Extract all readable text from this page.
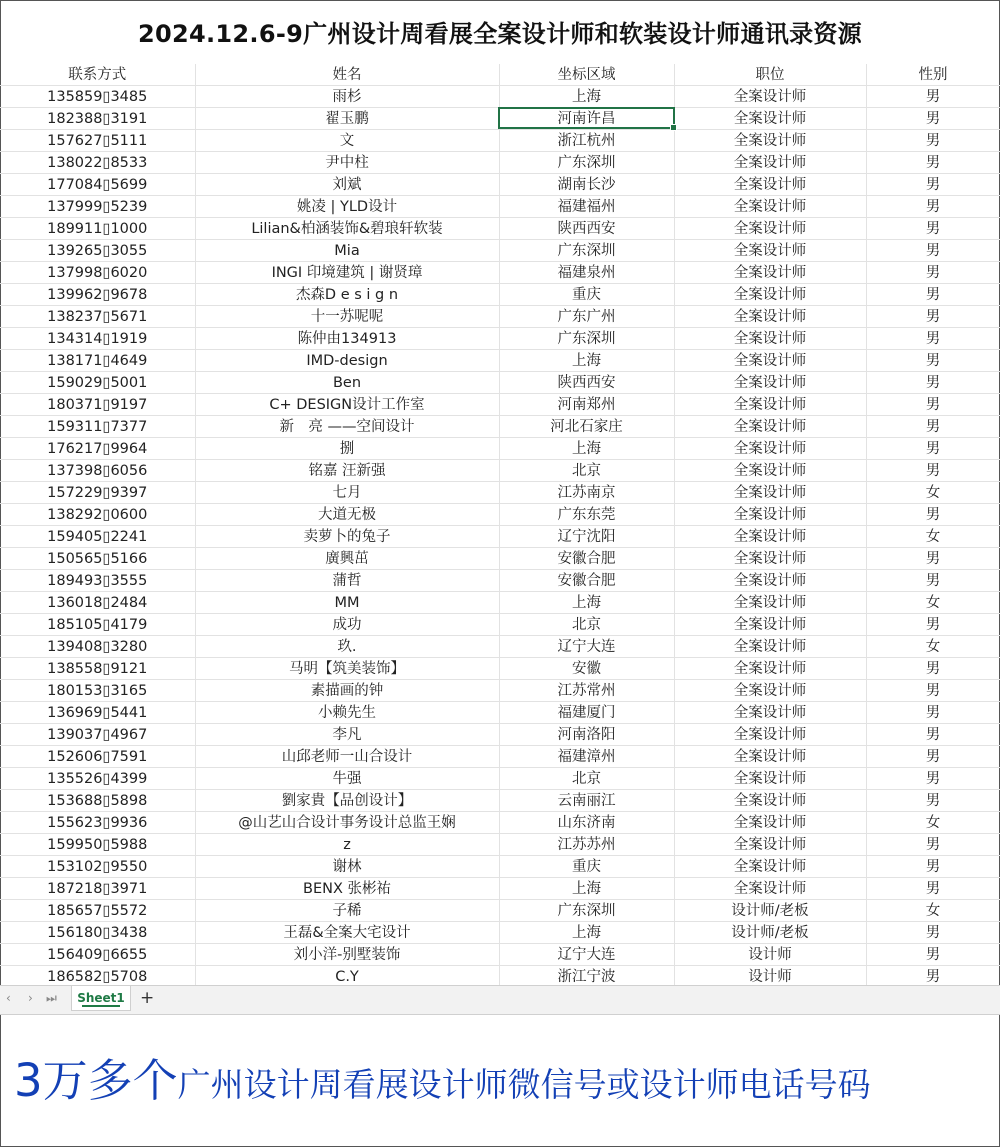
2024.12.6-9广州设计周看展全案设计师和软装设计师通讯录资源
联系方式	姓名	坐标区域	职位	性别
135859▯3485	雨杉	上海	全案设计师	男
182388▯3191	翟玉鹏	河南许昌	全案设计师	男
157627▯5111	文	浙江杭州	全案设计师	男
138022▯8533	尹中柱	广东深圳	全案设计师	男
177084▯5699	刘斌	湖南长沙	全案设计师	男
137999▯5239	姚凌 | YLD设计	福建福州	全案设计师	男
189911▯1000	Lilian&柏涵装饰&碧琅轩软装	陕西西安	全案设计师	男
139265▯3055	Mia	广东深圳	全案设计师	男
137998▯6020	INGI 印境建筑 | 谢贤璋	福建泉州	全案设计师	男
139962▯9678	杰森D e s i g n	重庆	全案设计师	男
138237▯5671	十一苏呢呢	广东广州	全案设计师	男
134314▯1919	陈仲由134913	广东深圳	全案设计师	男
138171▯4649	IMD-design	上海	全案设计师	男
159029▯5001	Ben	陕西西安	全案设计师	男
180371▯9197	C+ DESIGN设计工作室	河南郑州	全案设计师	男
159311▯7377	新　亮 ——空间设计	河北石家庄	全案设计师	男
176217▯9964	捌	上海	全案设计师	男
137398▯6056	铭嘉 汪新强	北京	全案设计师	男
157229▯9397	七月	江苏南京	全案设计师	女
138292▯0600	大道无极	广东东莞	全案设计师	男
159405▯2241	卖萝卜的兔子	辽宁沈阳	全案设计师	女
150565▯5166	廣興茁	安徽合肥	全案设计师	男
189493▯3555	蒲哲	安徽合肥	全案设计师	男
136018▯2484	MM	上海	全案设计师	女
185105▯4179	成功	北京	全案设计师	男
139408▯3280	玖.	辽宁大连	全案设计师	女
138558▯9121	马明【筑美装饰】	安徽	全案设计师	男
180153▯3165	素描画的钟	江苏常州	全案设计师	男
136969▯5441	小赖先生	福建厦门	全案设计师	男
139037▯4967	李凡	河南洛阳	全案设计师	男
152606▯7591	山邱老师一山合设计	福建漳州	全案设计师	男
135526▯4399	牛强	北京	全案设计师	男
153688▯5898	劉家貴【品创设计】	云南丽江	全案设计师	男
155623▯9936	@山艺山合设计事务设计总监王娴	山东济南	全案设计师	女
159950▯5988	z	江苏苏州	全案设计师	男
153102▯9550	谢林	重庆	全案设计师	男
187218▯3971	BENX 张彬祐	上海	全案设计师	男
185657▯5572	子稀	广东深圳	设计师/老板	女
156180▯3438	王磊&全案大宅设计	上海	设计师/老板	男
156409▯6655	刘小洋-别墅装饰	辽宁大连	设计师	男
186582▯5708	C.Y	浙江宁波	设计师	男

‹ › ⏭	Sheet1 +
3万多个广州设计周看展设计师微信号或设计师电话号码
